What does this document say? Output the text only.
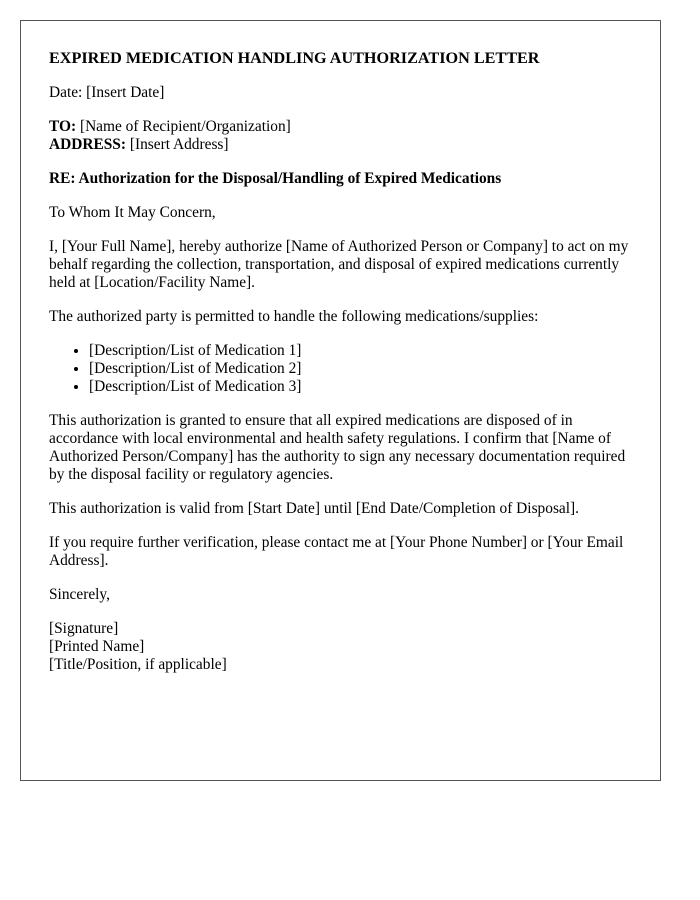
EXPIRED MEDICATION HANDLING AUTHORIZATION LETTER

Date: [Insert Date]

TO: [Name of Recipient/Organization]
ADDRESS: [Insert Address]

RE: Authorization for the Disposal/Handling of Expired Medications

To Whom It May Concern,

I, [Your Full Name], hereby authorize [Name of Authorized Person or Company] to act on my behalf regarding the collection, transportation, and disposal of expired medications currently held at [Location/Facility Name].

The authorized party is permitted to handle the following medications/supplies:

• [Description/List of Medication 1]
• [Description/List of Medication 2]
• [Description/List of Medication 3]

This authorization is granted to ensure that all expired medications are disposed of in accordance with local environmental and health safety regulations. I confirm that [Name of Authorized Person/Company] has the authority to sign any necessary documentation required by the disposal facility or regulatory agencies.

This authorization is valid from [Start Date] until [End Date/Completion of Disposal].

If you require further verification, please contact me at [Your Phone Number] or [Your Email Address].

Sincerely,

[Signature]
[Printed Name]
[Title/Position, if applicable]
